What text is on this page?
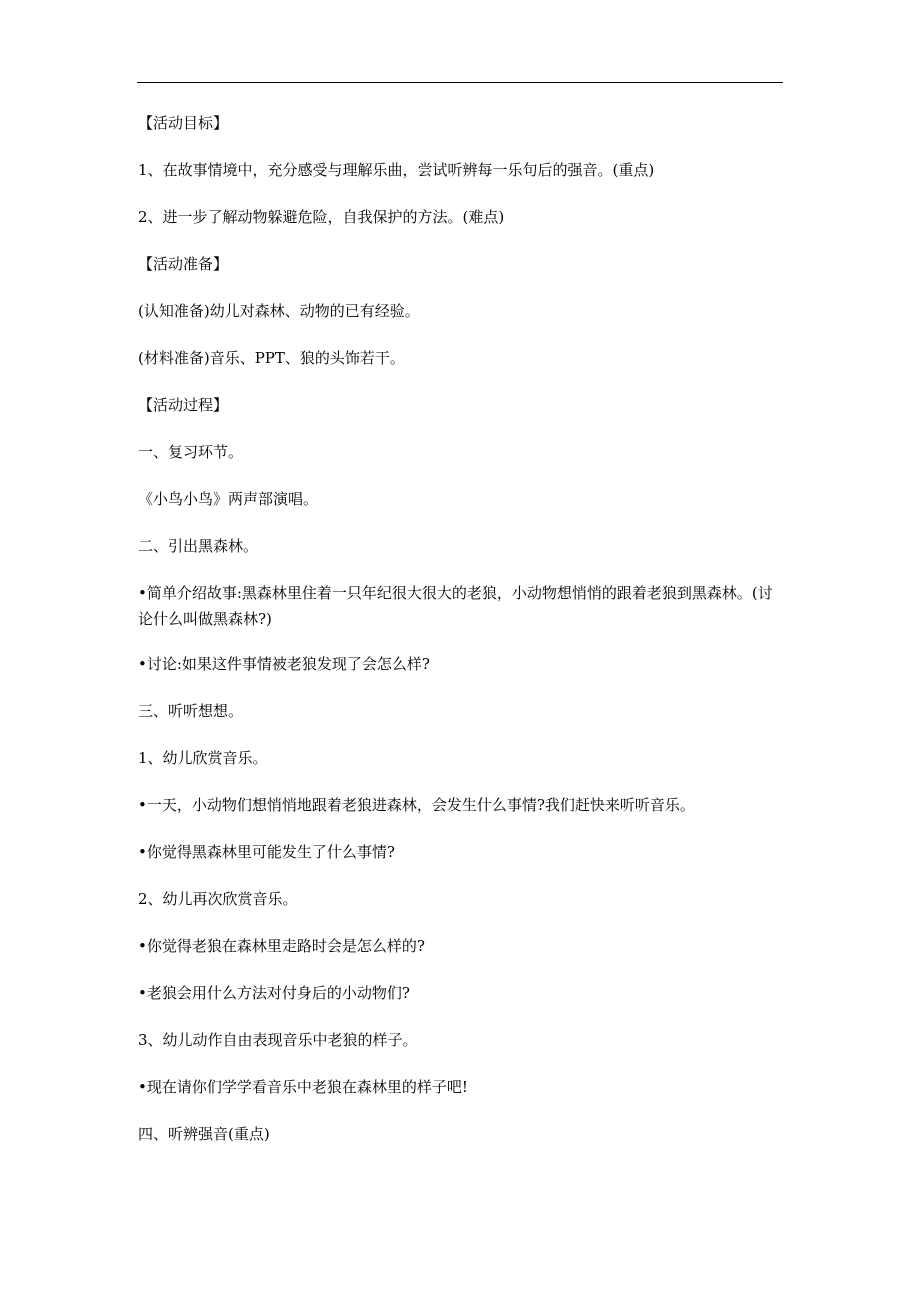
【活动目标】

1、在故事情境中，充分感受与理解乐曲，尝试听辨每一乐句后的强音。(重点)

2、进一步了解动物躲避危险，自我保护的方法。(难点)

【活动准备】

(认知准备)幼儿对森林、动物的已有经验。

(材料准备)音乐、PPT、狼的头饰若干。

【活动过程】

一、复习环节。

《小鸟小鸟》两声部演唱。

二、引出黑森林。

•简单介绍故事:黑森林里住着一只年纪很大很大的老狼，小动物想悄悄的跟着老狼到黑森林。(讨论什么叫做黑森林?)

•讨论:如果这件事情被老狼发现了会怎么样?

三、听听想想。

1、幼儿欣赏音乐。

•一天，小动物们想悄悄地跟着老狼进森林，会发生什么事情?我们赶快来听听音乐。

•你觉得黑森林里可能发生了什么事情?

2、幼儿再次欣赏音乐。

•你觉得老狼在森林里走路时会是怎么样的?

•老狼会用什么方法对付身后的小动物们?

3、幼儿动作自由表现音乐中老狼的样子。

•现在请你们学学看音乐中老狼在森林里的样子吧!

四、听辨强音(重点)
